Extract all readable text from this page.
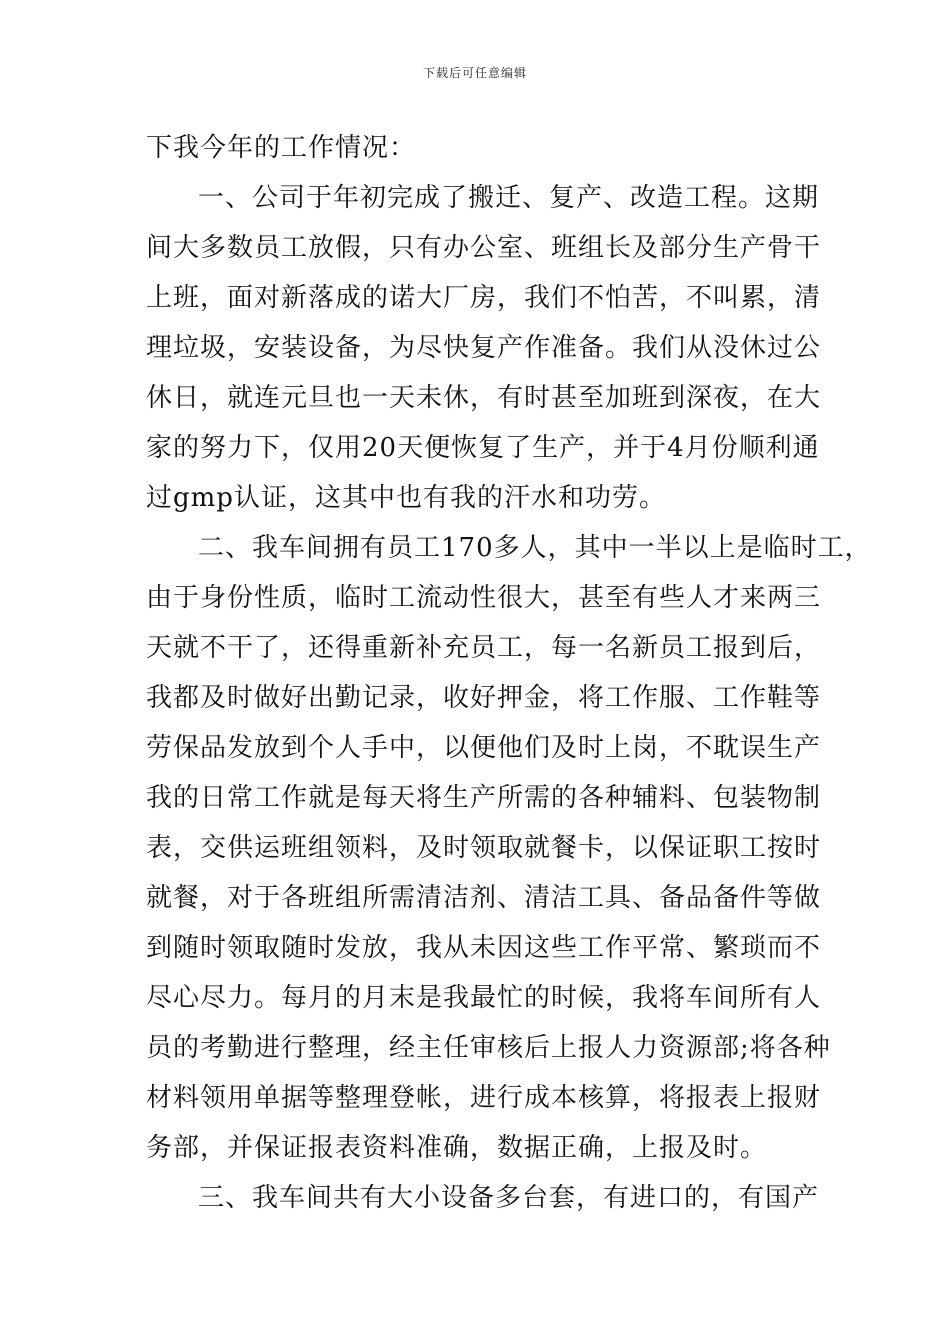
下载后可任意编辑
下我今年的工作情况：
一、公司于年初完成了搬迁、复产、改造工程。这期
间大多数员工放假，只有办公室、班组长及部分生产骨干
上班，面对新落成的诺大厂房，我们不怕苦，不叫累，清
理垃圾，安装设备，为尽快复产作准备。我们从没休过公
休日，就连元旦也一天未休，有时甚至加班到深夜，在大
家的努力下，仅用20天便恢复了生产，并于4月份顺利通
过gmp认证，这其中也有我的汗水和功劳。
二、我车间拥有员工170多人，其中一半以上是临时工，
由于身份性质，临时工流动性很大，甚至有些人才来两三
天就不干了，还得重新补充员工，每一名新员工报到后，
我都及时做好出勤记录，收好押金，将工作服、工作鞋等
劳保品发放到个人手中，以便他们及时上岗，不耽误生产
我的日常工作就是每天将生产所需的各种辅料、包装物制
表，交供运班组领料，及时领取就餐卡，以保证职工按时
就餐，对于各班组所需清洁剂、清洁工具、备品备件等做
到随时领取随时发放，我从未因这些工作平常、繁琐而不
尽心尽力。每月的月末是我最忙的时候，我将车间所有人
员的考勤进行整理，经主任审核后上报人力资源部;将各种
材料领用单据等整理登帐，进行成本核算，将报表上报财
务部，并保证报表资料准确，数据正确，上报及时。
三、我车间共有大小设备多台套，有进口的，有国产
